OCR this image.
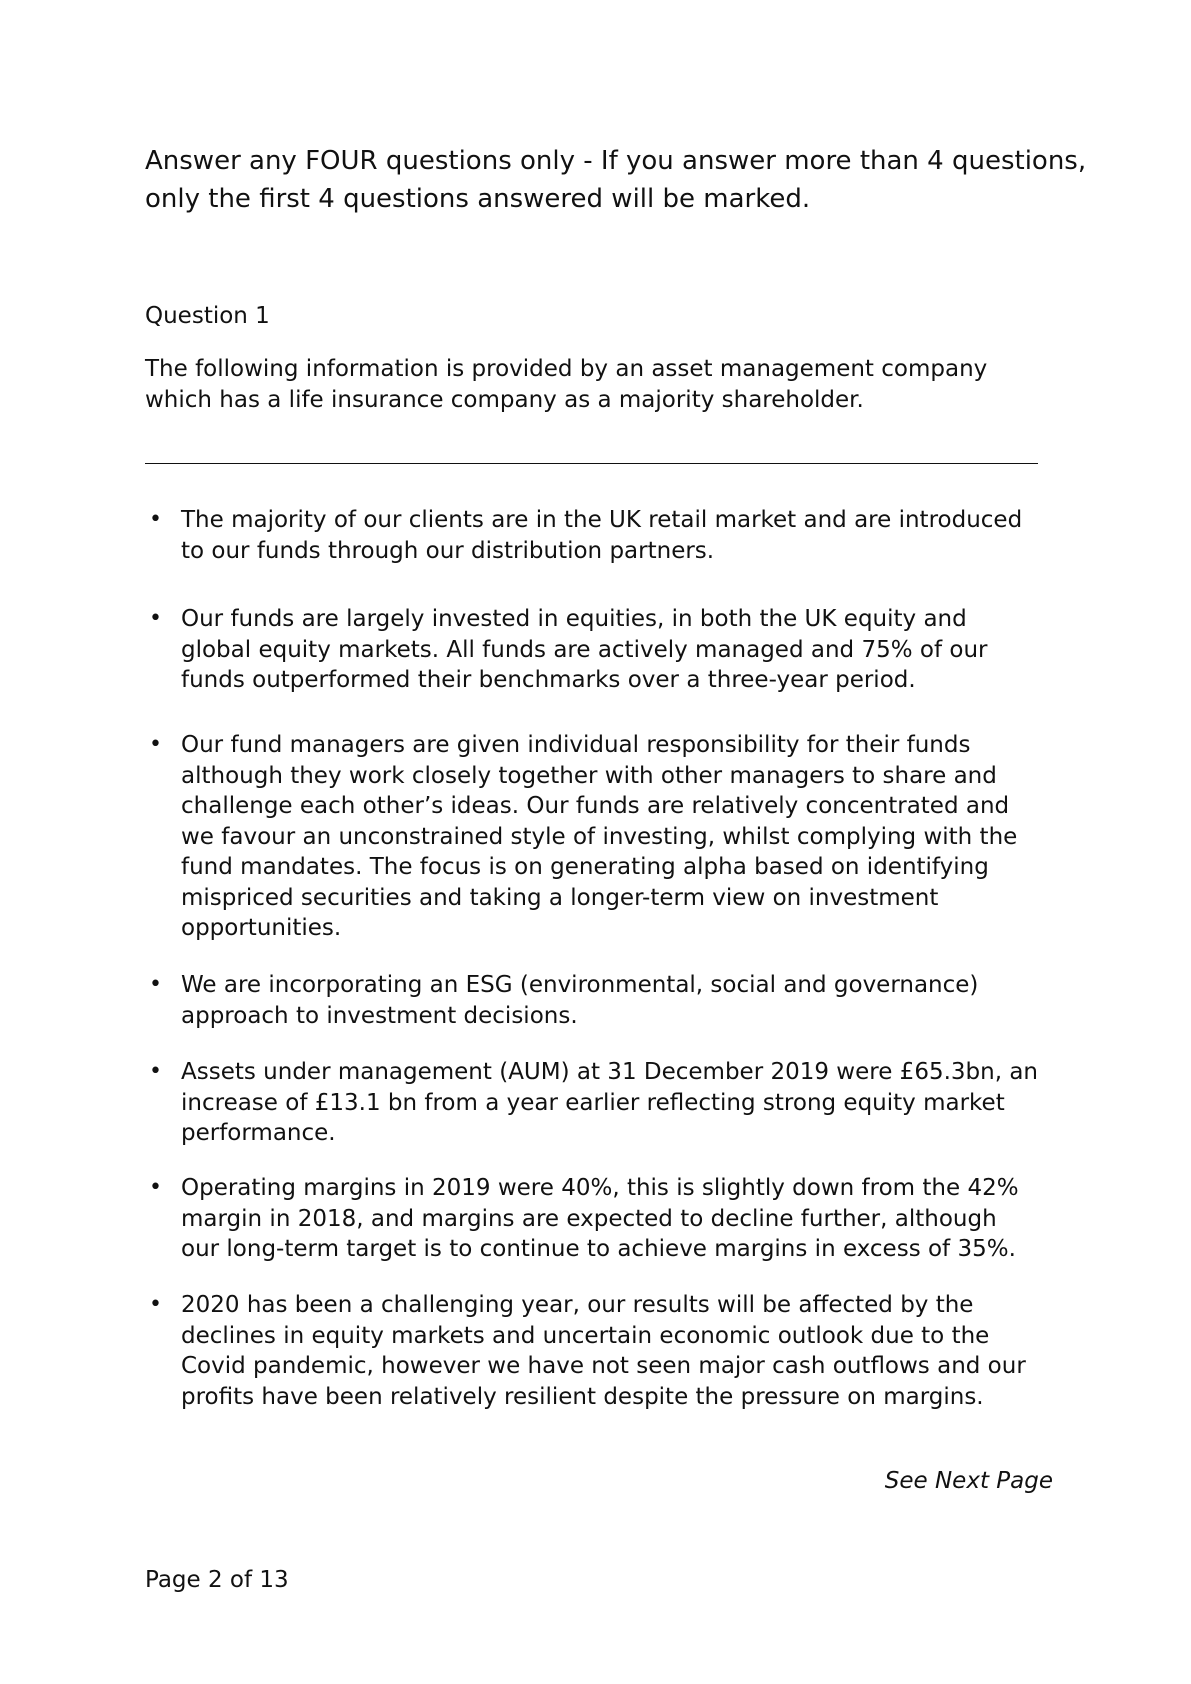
Answer any FOUR questions only - If you answer more than 4 questions,
only the first 4 questions answered will be marked.

Question 1

The following information is provided by an asset management company
which has a life insurance company as a majority shareholder.

• The majority of our clients are in the UK retail market and are introduced
to our funds through our distribution partners.
• Our funds are largely invested in equities, in both the UK equity and
global equity markets. All funds are actively managed and 75% of our
funds outperformed their benchmarks over a three-year period.
• Our fund managers are given individual responsibility for their funds
although they work closely together with other managers to share and
challenge each other’s ideas. Our funds are relatively concentrated and
we favour an unconstrained style of investing, whilst complying with the
fund mandates. The focus is on generating alpha based on identifying
mispriced securities and taking a longer-term view on investment
opportunities.
• We are incorporating an ESG (environmental, social and governance)
approach to investment decisions.
• Assets under management (AUM) at 31 December 2019 were £65.3bn, an
increase of £13.1 bn from a year earlier reflecting strong equity market
performance.
• Operating margins in 2019 were 40%, this is slightly down from the 42%
margin in 2018, and margins are expected to decline further, although
our long-term target is to continue to achieve margins in excess of 35%.
• 2020 has been a challenging year, our results will be affected by the
declines in equity markets and uncertain economic outlook due to the
Covid pandemic, however we have not seen major cash outflows and our
profits have been relatively resilient despite the pressure on margins.

See Next Page

Page 2 of 13
